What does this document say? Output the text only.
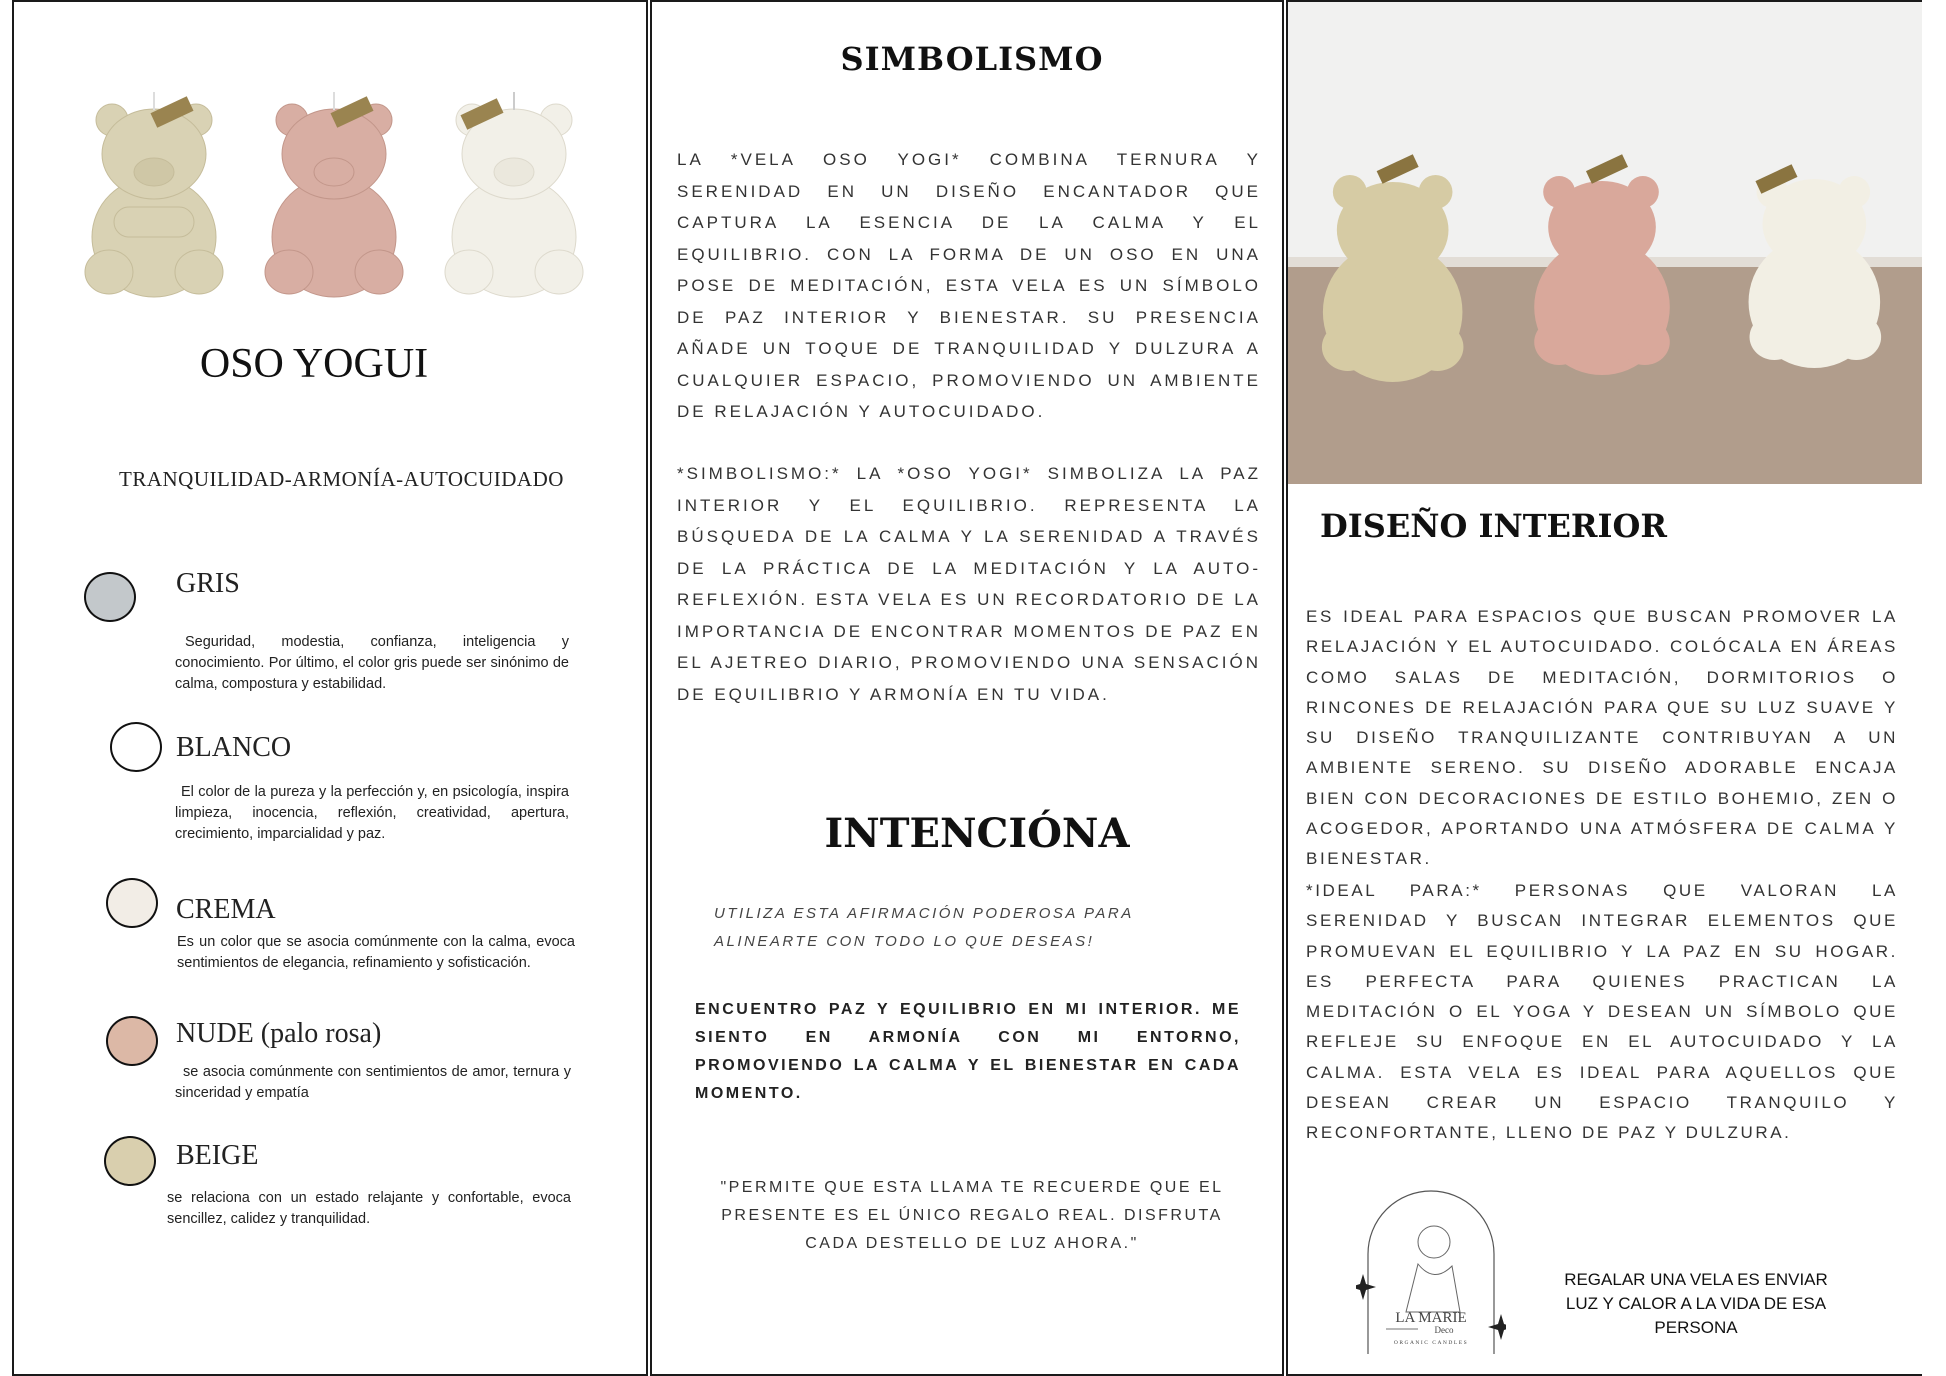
OSO YOGUI
TRANQUILIDAD-ARMONÍA-AUTOCUIDADO
GRIS
Seguridad, modestia, confianza, inteligencia y conocimiento. Por último, el color gris puede ser sinónimo de calma, compostura y estabilidad.
BLANCO
El color de la pureza y la perfección y, en psicología, inspira limpieza, inocencia, reflexión, creatividad, apertura, crecimiento, imparcialidad y paz.
CREMA
Es un color que se asocia comúnmente con la calma, evoca sentimientos de elegancia, refinamiento y sofisticación.
NUDE (palo rosa)
se asocia comúnmente con sentimientos de amor, ternura y sinceridad y empatía
BEIGE
se relaciona con un estado relajante y confortable, evoca sencillez, calidez y tranquilidad.
SIMBOLISMO
LA *VELA OSO YOGI* COMBINA TERNURA Y SERENIDAD EN UN DISEÑO ENCANTADOR QUE CAPTURA LA ESENCIA DE LA CALMA Y EL EQUILIBRIO. CON LA FORMA DE UN OSO EN UNA POSE DE MEDITACIÓN, ESTA VELA ES UN SÍMBOLO DE PAZ INTERIOR Y BIENESTAR. SU PRESENCIA AÑADE UN TOQUE DE TRANQUILIDAD Y DULZURA A CUALQUIER ESPACIO, PROMOVIENDO UN AMBIENTE DE RELAJACIÓN Y AUTOCUIDADO.
*SIMBOLISMO:* LA *OSO YOGI* SIMBOLIZA LA PAZ INTERIOR Y EL EQUILIBRIO. REPRESENTA LA BÚSQUEDA DE LA CALMA Y LA SERENIDAD A TRAVÉS DE LA PRÁCTICA DE LA MEDITACIÓN Y LA AUTO-REFLEXIÓN. ESTA VELA ES UN RECORDATORIO DE LA IMPORTANCIA DE ENCONTRAR MOMENTOS DE PAZ EN EL AJETREO DIARIO, PROMOVIENDO UNA SENSACIÓN DE EQUILIBRIO Y ARMONÍA EN TU VIDA.
INTENCIÓNA
UTILIZA ESTA AFIRMACIÓN PODEROSA PARA ALINEARTE CON TODO LO QUE DESEAS!
ENCUENTRO PAZ Y EQUILIBRIO EN MI INTERIOR. ME SIENTO EN ARMONÍA CON MI ENTORNO, PROMOVIENDO LA CALMA Y EL BIENESTAR EN CADA MOMENTO.
"PERMITE QUE ESTA LLAMA TE RECUERDE QUE EL PRESENTE ES EL ÚNICO REGALO REAL. DISFRUTA CADA DESTELLO DE LUZ AHORA."
DISEÑO INTERIOR
ES IDEAL PARA ESPACIOS QUE BUSCAN PROMOVER LA RELAJACIÓN Y EL AUTOCUIDADO. COLÓCALA EN ÁREAS COMO SALAS DE MEDITACIÓN, DORMITORIOS O RINCONES DE RELAJACIÓN PARA QUE SU LUZ SUAVE Y SU DISEÑO TRANQUILIZANTE CONTRIBUYAN A UN AMBIENTE SERENO. SU DISEÑO ADORABLE ENCAJA BIEN CON DECORACIONES DE ESTILO BOHEMIO, ZEN O ACOGEDOR, APORTANDO UNA ATMÓSFERA DE CALMA Y BIENESTAR.
*IDEAL PARA:* PERSONAS QUE VALORAN LA SERENIDAD Y BUSCAN INTEGRAR ELEMENTOS QUE PROMUEVAN EL EQUILIBRIO Y LA PAZ EN SU HOGAR. ES PERFECTA PARA QUIENES PRACTICAN LA MEDITACIÓN O EL YOGA Y DESEAN UN SÍMBOLO QUE REFLEJE SU ENFOQUE EN EL AUTOCUIDADO Y LA CALMA. ESTA VELA ES IDEAL PARA AQUELLOS QUE DESEAN CREAR UN ESPACIO TRANQUILO Y RECONFORTANTE, LLENO DE PAZ Y DULZURA.
LA MARIE
Deco
ORGANIC CANDLES
REGALAR UNA VELA ES ENVIAR LUZ Y CALOR A LA VIDA DE ESA PERSONA
